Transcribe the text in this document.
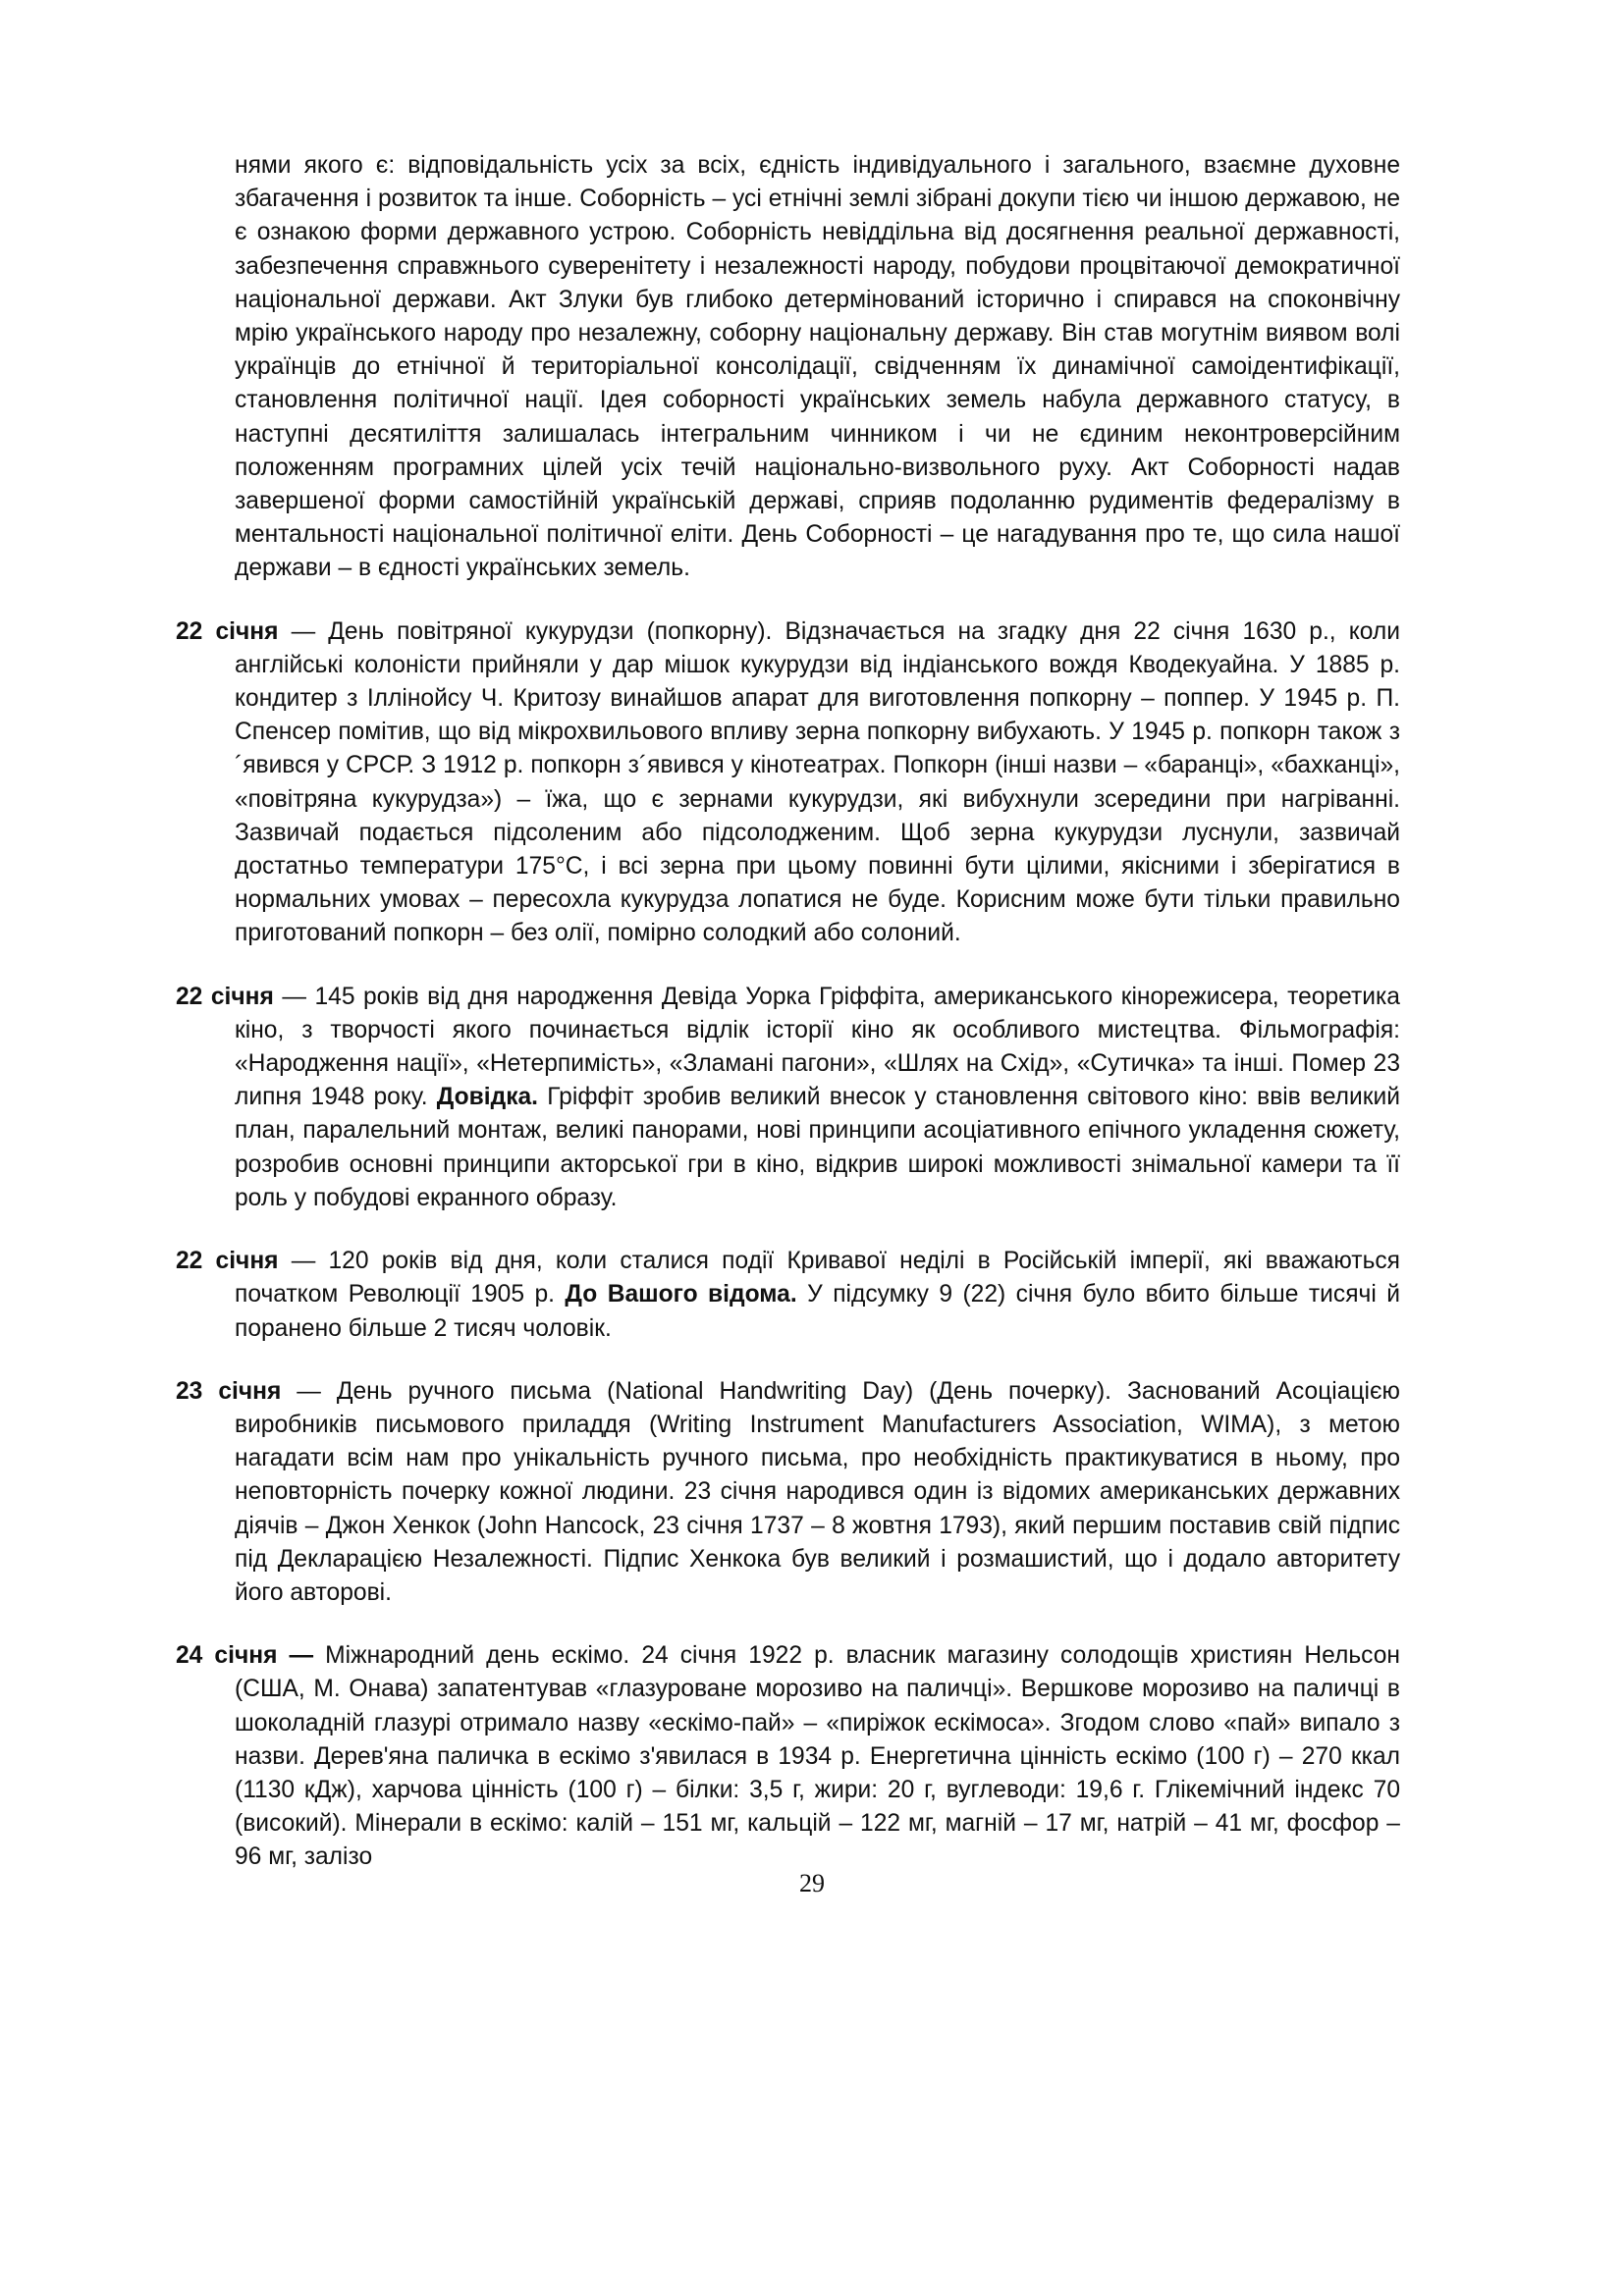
нями якого є: відповідальність усіх за всіх, єдність індивідуального і загального, взаємне духовне збагачення і розвиток та інше. Соборність – усі етнічні землі зібрані докупи тією чи іншою державою, не є ознакою форми державного устрою. Соборність невіддільна від досягнення реальної державності, забезпечення справжнього суверенітету і незалежності народу, побудови процвітаючої демократичної національної держави. Акт Злуки був глибоко детермінований історично і спирався на споконвічну мрію українського народу про незалежну, соборну національну державу. Він став могутнім виявом волі українців до етнічної й територіальної консолідації, свідченням їх динамічної самоідентифікації, становлення політичної нації. Ідея соборності українських земель набула державного статусу, в наступні десятиліття залишалась інтегральним чинником і чи не єдиним неконтроверсійним положенням програмних цілей усіх течій національно-визвольного руху. Акт Соборності надав завершеної форми самостійній українській державі, сприяв подоланню рудиментів федералізму в ментальності національної політичної еліти. День Соборності – це нагадування про те, що сила нашої держави – в єдності українських земель.
22 січня — День повітряної кукурудзи (попкорну). Відзначається на згадку дня 22 січня 1630 р., коли англійські колоністи прийняли у дар мішок кукурудзи від індіанського вождя Кводекуайна. У 1885 р. кондитер з Іллінойсу Ч. Критозу винайшов апарат для виготовлення попкорну – поппер. У 1945 р. П. Спенсер помітив, що від мікрохвильового впливу зерна попкорну вибухають. У 1945 р. попкорн також з´явився у СРСР. З 1912 р. попкорн з´явився у кінотеатрах. Попкорн (інші назви – «баранці», «бахканці», «повітряна кукурудза») – їжа, що є зернами кукурудзи, які вибухнули зсередини при нагріванні. Зазвичай подається підсоленим або підсолодженим. Щоб зерна кукурудзи луснули, зазвичай достатньо температури 175°С, і всі зерна при цьому повинні бути цілими, якісними і зберігатися в нормальних умовах – пересохла кукурудза лопатися не буде. Корисним може бути тільки правильно приготований попкорн – без олії, помірно солодкий або солоний.
22 січня — 145 років від дня народження Девіда Уорка Гріффіта, американського кінорежисера, теоретика кіно, з творчості якого починається відлік історії кіно як особливого мистецтва. Фільмографія: «Народження нації», «Нетерпимість», «Зламані пагони», «Шлях на Схід», «Сутичка» та інші. Помер 23 липня 1948 року. Довідка. Гріффіт зробив великий внесок у становлення світового кіно: ввів великий план, паралельний монтаж, великі панорами, нові принципи асоціативного епічного укладення сюжету, розробив основні принципи акторської гри в кіно, відкрив широкі можливості знімальної камери та її роль у побудові екранного образу.
22 січня — 120 років від дня, коли сталися події Кривавої неділі в Російській імперії, які вважаються початком Революції 1905 р. До Вашого відома. У підсумку 9 (22) січня було вбито більше тисячі й поранено більше 2 тисяч чоловік.
23 січня — День ручного письма (National Handwriting Day) (День почерку). Заснований Асоціацією виробників письмового приладдя (Writing Instrument Manufacturers Association, WIMA), з метою нагадати всім нам про унікальність ручного письма, про необхідність практикуватися в ньому, про неповторність почерку кожної людини. 23 січня народився один із відомих американських державних діячів – Джон Хенкок (John Hancock, 23 січня 1737 – 8 жовтня 1793), який першим поставив свій підпис під Декларацією Незалежності. Підпис Хенкока був великий і розмашистий, що і додало авторитету його авторові.
24 січня — Міжнародний день ескімо. 24 січня 1922 р. власник магазину солодощів християн Нельсон (США, М. Онава) запатентував «глазуроване морозиво на паличці». Вершкове морозиво на паличці в шоколадній глазурі отримало назву «ескімо-пай» – «пиріжок ескімоса». Згодом слово «пай» випало з назви. Дерев'яна паличка в ескімо з'явилася в 1934 р. Енергетична цінність ескімо (100 г) – 270 ккал (1130 кДж), харчова цінність (100 г) – білки: 3,5 г, жири: 20 г, вуглеводи: 19,6 г. Глікемічний індекс 70 (високий). Мінерали в ескімо: калій – 151 мг, кальцій – 122 мг, магній – 17 мг, натрій – 41 мг, фосфор – 96 мг, залізо
29
